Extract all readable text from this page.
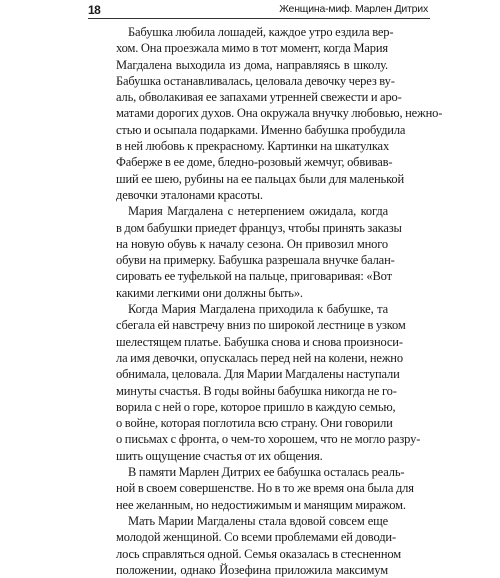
18	Женщина-миф. Марлен Дитрих
Бабушка любила лошадей, каждое утро ездила вер-
хом. Она проезжала мимо в тот момент, когда Мария
Магдалена выходила из дома, направляясь в школу.
Бабушка останавливалась, целовала девочку через ву-
аль, обволакивая ее запахами утренней свежести и аро-
матами дорогих духов. Она окружала внучку любовью, нежно-
стью и осыпала подарками. Именно бабушка пробудила
в ней любовь к прекрасному. Картинки на шкатулках
Фаберже в ее доме, бледно-розовый жемчуг, обвивав-
ший ее шею, рубины на ее пальцах были для маленькой
девочки эталонами красоты.
Мария Магдалена с нетерпением ожидала, когда
в дом бабушки приедет француз, чтобы принять заказы
на новую обувь к началу сезона. Он привозил много
обуви на примерку. Бабушка разрешала внучке балан-
сировать ее туфелькой на пальце, приговаривая: «Вот
какими легкими они должны быть».
Когда Мария Магдалена приходила к бабушке, та
сбегала ей навстречу вниз по широкой лестнице в узком
шелестящем платье. Бабушка снова и снова произноси-
ла имя девочки, опускалась перед ней на колени, нежно
обнимала, целовала. Для Марии Магдалены наступали
минуты счастья. В годы войны бабушка никогда не го-
ворила с ней о горе, которое пришло в каждую семью,
о войне, которая поглотила всю страну. Они говорили
о письмах с фронта, о чем-то хорошем, что не могло разру-
шить ощущение счастья от их общения.
В памяти Марлен Дитрих ее бабушка осталась реаль-
ной в своем совершенстве. Но в то же время она была для
нее желанным, но недостижимым и манящим миражом.
Мать Марии Магдалены стала вдовой совсем еще
молодой женщиной. Со всеми проблемами ей доводи-
лось справляться одной. Семья оказалась в стесненном
положении, однако Йозефина приложила максимум
